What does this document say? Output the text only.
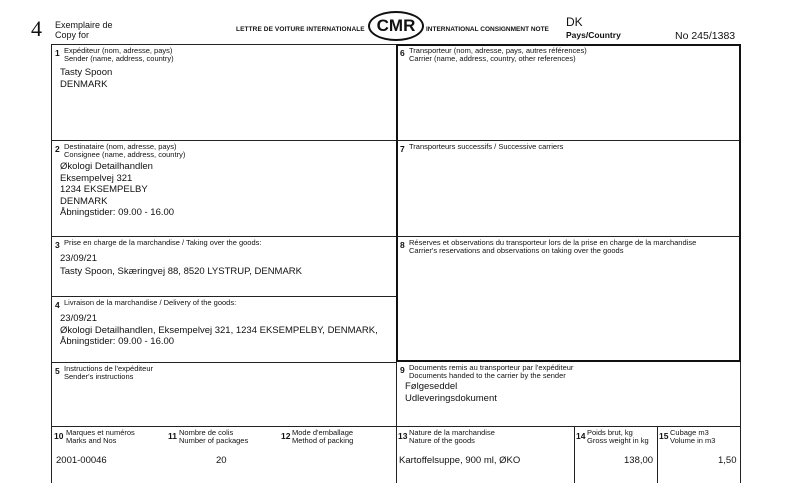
4 Exemplaire de
Copy for
LETTRE DE VOITURE INTERNATIONALE CMR INTERNATIONAL CONSIGNMENT NOTE
DK
Pays/Country	No 245/1383
1 Expéditeur (nom, adresse, pays)
Sender (name, address, country)
Tasty Spoon
DENMARK
2 Destinataire (nom, adresse, pays)
Consignee (name, address, country)
Økologi Detailhandlen
Eksempelvej 321
1234 EKSEMPELBY
DENMARK
Åbningstider: 09.00 - 16.00
3 Prise en charge de la marchandise / Taking over the goods:
23/09/21
Tasty Spoon, Skæringvej 88, 8520 LYSTRUP, DENMARK
4 Livraison de la marchandise / Delivery of the goods:
23/09/21
Økologi Detailhandlen, Eksempelvej 321, 1234 EKSEMPELBY, DENMARK,
Åbningstider: 09.00 - 16.00
5 Instructions de l'expéditeur
Sender's instructions
6 Transporteur (nom, adresse, pays, autres références)
Carrier (name, address, country, other references)
7 Transporteurs successifs / Successive carriers
8 Réserves et observations du transporteur lors de la prise en charge de la marchandise
Carrier's reservations and observations on taking over the goods
9 Documents remis au transporteur par l'expéditeur
Documents handed to the carrier by the sender
Følgeseddel
Udleveringsdokument
10 Marques et numéros
Marks and Nos
2001-00046
11 Nombre de colis
Number of packages
20
12 Mode d'emballage
Method of packing	13 Nature de la marchandise
Nature of the goods
Kartoffelsuppe, 900 ml, ØKO
14 Poids brut, kg
Gross weight in kg
138,00
15 Cubage m3
Volume in m3
1,50
